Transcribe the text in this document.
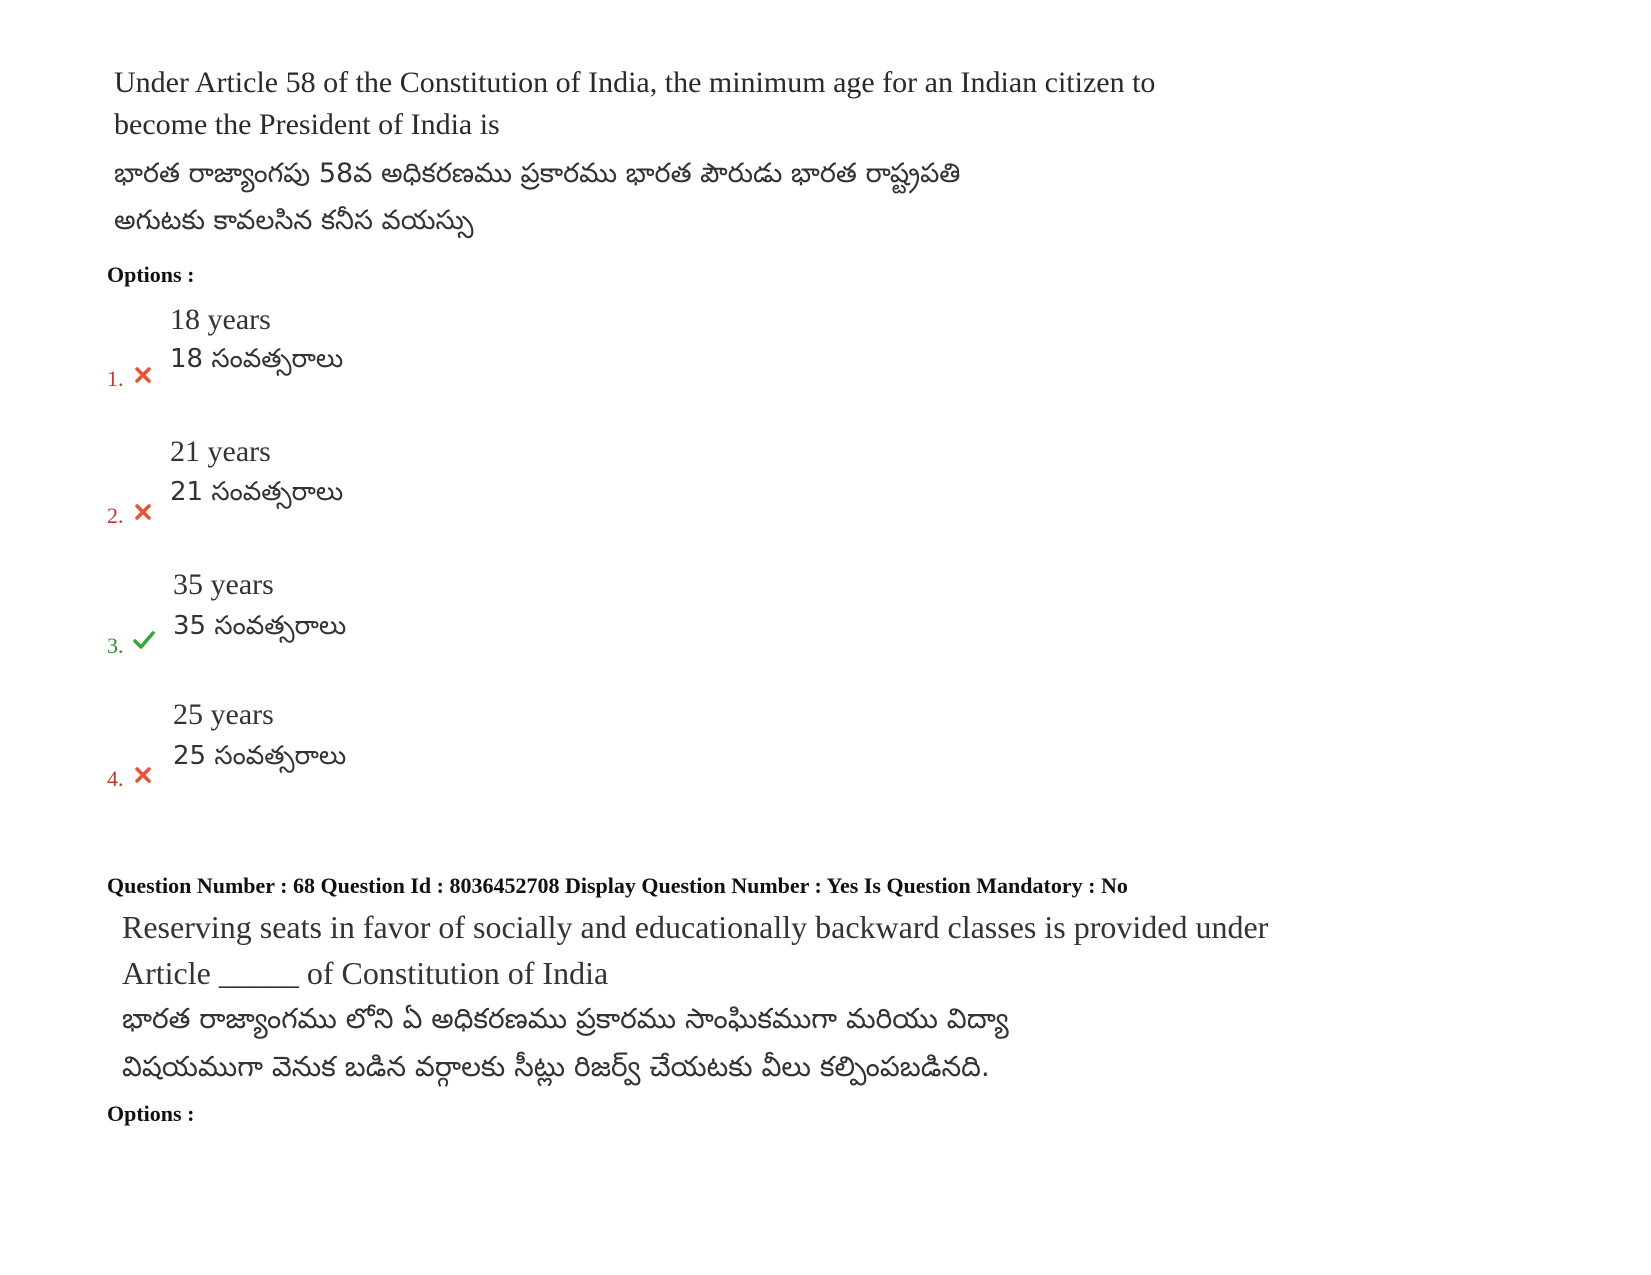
Under Article 58 of the Constitution of India, the minimum age for an Indian citizen to

become the President of India is

భారత రాజ్యాంగపు 58వ అధికరణము ప్రకారము భారత పౌరుడు భారత రాష్ట్రపతి

అగుటకు కావలసిన కనీస వయస్సు

Options :
18 years
18 సంవత్సరాలు
1.
21 years
21 సంవత్సరాలు
2.
35 years
35 సంవత్సరాలు
3.
25 years
25 సంవత్సరాలు
4.
Question Number : 68 Question Id : 8036452708 Display Question Number : Yes Is Question Mandatory : No

Reserving seats in favor of socially and educationally backward classes is provided under

Article _____ of Constitution of India

భారత రాజ్యాంగము లోని ఏ అధికరణము ప్రకారము సాంఘికముగా మరియు విద్యా

విషయముగా వెనుక బడిన వర్గాలకు సీట్లు రిజర్వ్ చేయటకు వీలు కల్పింపబడినది.

Options :
